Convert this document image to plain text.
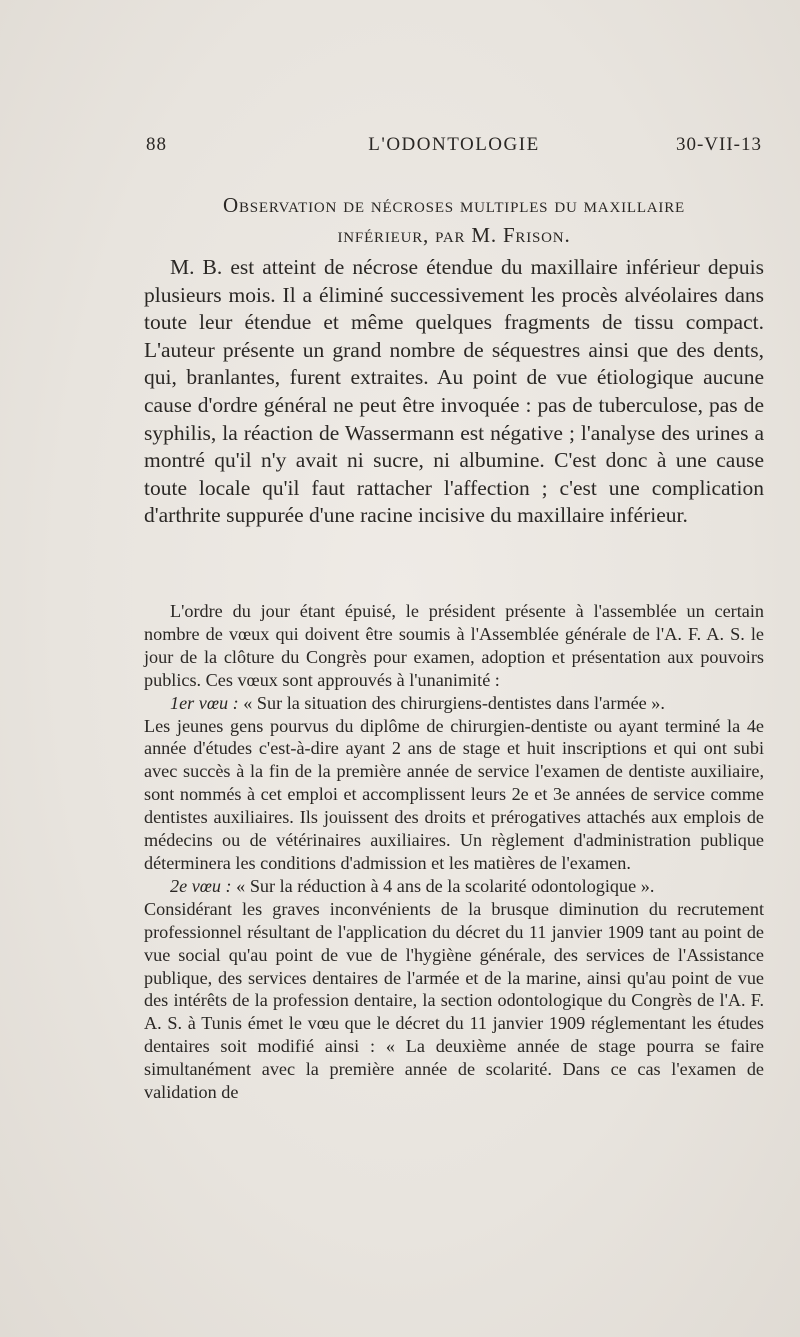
88	L'ODONTOLOGIE	30-VII-13

Observation de nécroses multiples du maxillaire

inférieur, par M. Frison.

M. B. est atteint de nécrose étendue du maxillaire inférieur depuis plusieurs mois. Il a éliminé successivement les procès alvéolaires dans toute leur étendue et même quelques fragments de tissu compact. L'auteur présente un grand nombre de séquestres ainsi que des dents, qui, branlantes, furent extraites. Au point de vue étiologique aucune cause d'ordre général ne peut être invoquée : pas de tuberculose, pas de syphilis, la réaction de Wassermann est négative ; l'analyse des urines a montré qu'il n'y avait ni sucre, ni albumine. C'est donc à une cause toute locale qu'il faut rattacher l'affection ; c'est une complication d'arthrite suppurée d'une racine incisive du maxillaire inférieur.

L'ordre du jour étant épuisé, le président présente à l'assemblée un certain nombre de vœux qui doivent être soumis à l'Assemblée générale de l'A. F. A. S. le jour de la clôture du Congrès pour examen, adoption et présentation aux pouvoirs publics. Ces vœux sont approuvés à l'unanimité :

1er vœu : « Sur la situation des chirurgiens-dentistes dans l'armée ».

Les jeunes gens pourvus du diplôme de chirurgien-dentiste ou ayant terminé la 4e année d'études c'est-à-dire ayant 2 ans de stage et huit inscriptions et qui ont subi avec succès à la fin de la première année de service l'examen de dentiste auxiliaire, sont nommés à cet emploi et accomplissent leurs 2e et 3e années de service comme dentistes auxiliaires. Ils jouissent des droits et prérogatives attachés aux emplois de médecins ou de vétérinaires auxiliaires. Un règlement d'administration publique déterminera les conditions d'admission et les matières de l'examen.

2e vœu : « Sur la réduction à 4 ans de la scolarité odontologique ».

Considérant les graves inconvénients de la brusque diminution du recrutement professionnel résultant de l'application du décret du 11 janvier 1909 tant au point de vue social qu'au point de vue de l'hygiène générale, des services de l'Assistance publique, des services dentaires de l'armée et de la marine, ainsi qu'au point de vue des intérêts de la profession dentaire, la section odontologique du Congrès de l'A. F. A. S. à Tunis émet le vœu que le décret du 11 janvier 1909 réglementant les études dentaires soit modifié ainsi : « La deuxième année de stage pourra se faire simultanément avec la première année de scolarité. Dans ce cas l'examen de validation de
